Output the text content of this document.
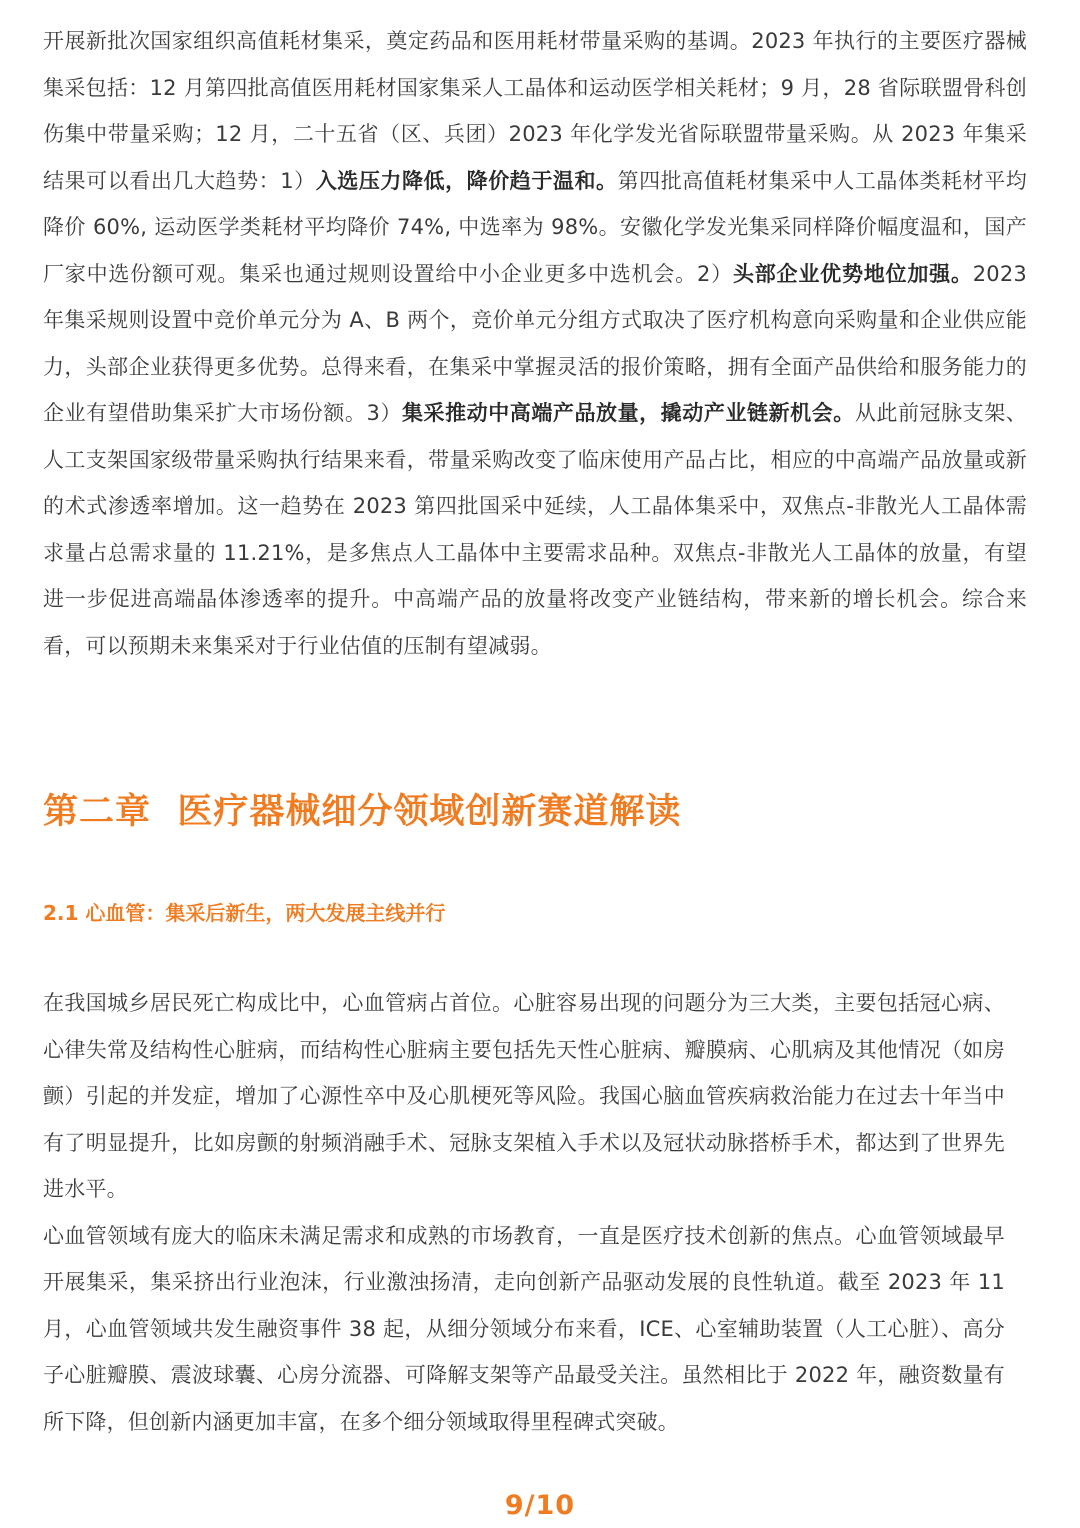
开展新批次国家组织高值耗材集采，奠定药品和医用耗材带量采购的基调。2023 年执行的主要医疗器械集采包括：12 月第四批高值医用耗材国家集采人工晶体和运动医学相关耗材；9 月，28 省际联盟骨科创伤集中带量采购；12 月，二十五省（区、兵团）2023 年化学发光省际联盟带量采购。从 2023 年集采结果可以看出几大趋势：1）入选压力降低，降价趋于温和。第四批高值耗材集采中人工晶体类耗材平均降价 60%, 运动医学类耗材平均降价 74%, 中选率为 98%。安徽化学发光集采同样降价幅度温和，国产厂家中选份额可观。集采也通过规则设置给中小企业更多中选机会。2）头部企业优势地位加强。2023 年集采规则设置中竞价单元分为 A、B 两个，竞价单元分组方式取决了医疗机构意向采购量和企业供应能力，头部企业获得更多优势。总得来看，在集采中掌握灵活的报价策略，拥有全面产品供给和服务能力的企业有望借助集采扩大市场份额。3）集采推动中高端产品放量，撬动产业链新机会。从此前冠脉支架、人工支架国家级带量采购执行结果来看，带量采购改变了临床使用产品占比，相应的中高端产品放量或新的术式渗透率增加。这一趋势在 2023 第四批国采中延续，人工晶体集采中，双焦点-非散光人工晶体需求量占总需求量的 11.21%，是多焦点人工晶体中主要需求品种。双焦点-非散光人工晶体的放量，有望进一步促进高端晶体渗透率的提升。中高端产品的放量将改变产业链结构，带来新的增长机会。综合来看，可以预期未来集采对于行业估值的压制有望减弱。

第二章  医疗器械细分领域创新赛道解读
2.1 心血管：集采后新生，两大发展主线并行

在我国城乡居民死亡构成比中，心血管病占首位。心脏容易出现的问题分为三大类，主要包括冠心病、心律失常及结构性心脏病，而结构性心脏病主要包括先天性心脏病、瓣膜病、心肌病及其他情况（如房颤）引起的并发症，增加了心源性卒中及心肌梗死等风险。我国心脑血管疾病救治能力在过去十年当中有了明显提升，比如房颤的射频消融手术、冠脉支架植入手术以及冠状动脉搭桥手术，都达到了世界先进水平。

心血管领域有庞大的临床未满足需求和成熟的市场教育，一直是医疗技术创新的焦点。心血管领域最早开展集采，集采挤出行业泡沫，行业激浊扬清，走向创新产品驱动发展的良性轨道。截至 2023 年 11 月，心血管领域共发生融资事件 38 起，从细分领域分布来看，ICE、心室辅助装置（人工心脏）、高分子心脏瓣膜、震波球囊、心房分流器、可降解支架等产品最受关注。虽然相比于 2022 年，融资数量有所下降，但创新内涵更加丰富，在多个细分领域取得里程碑式突破。

9/10
